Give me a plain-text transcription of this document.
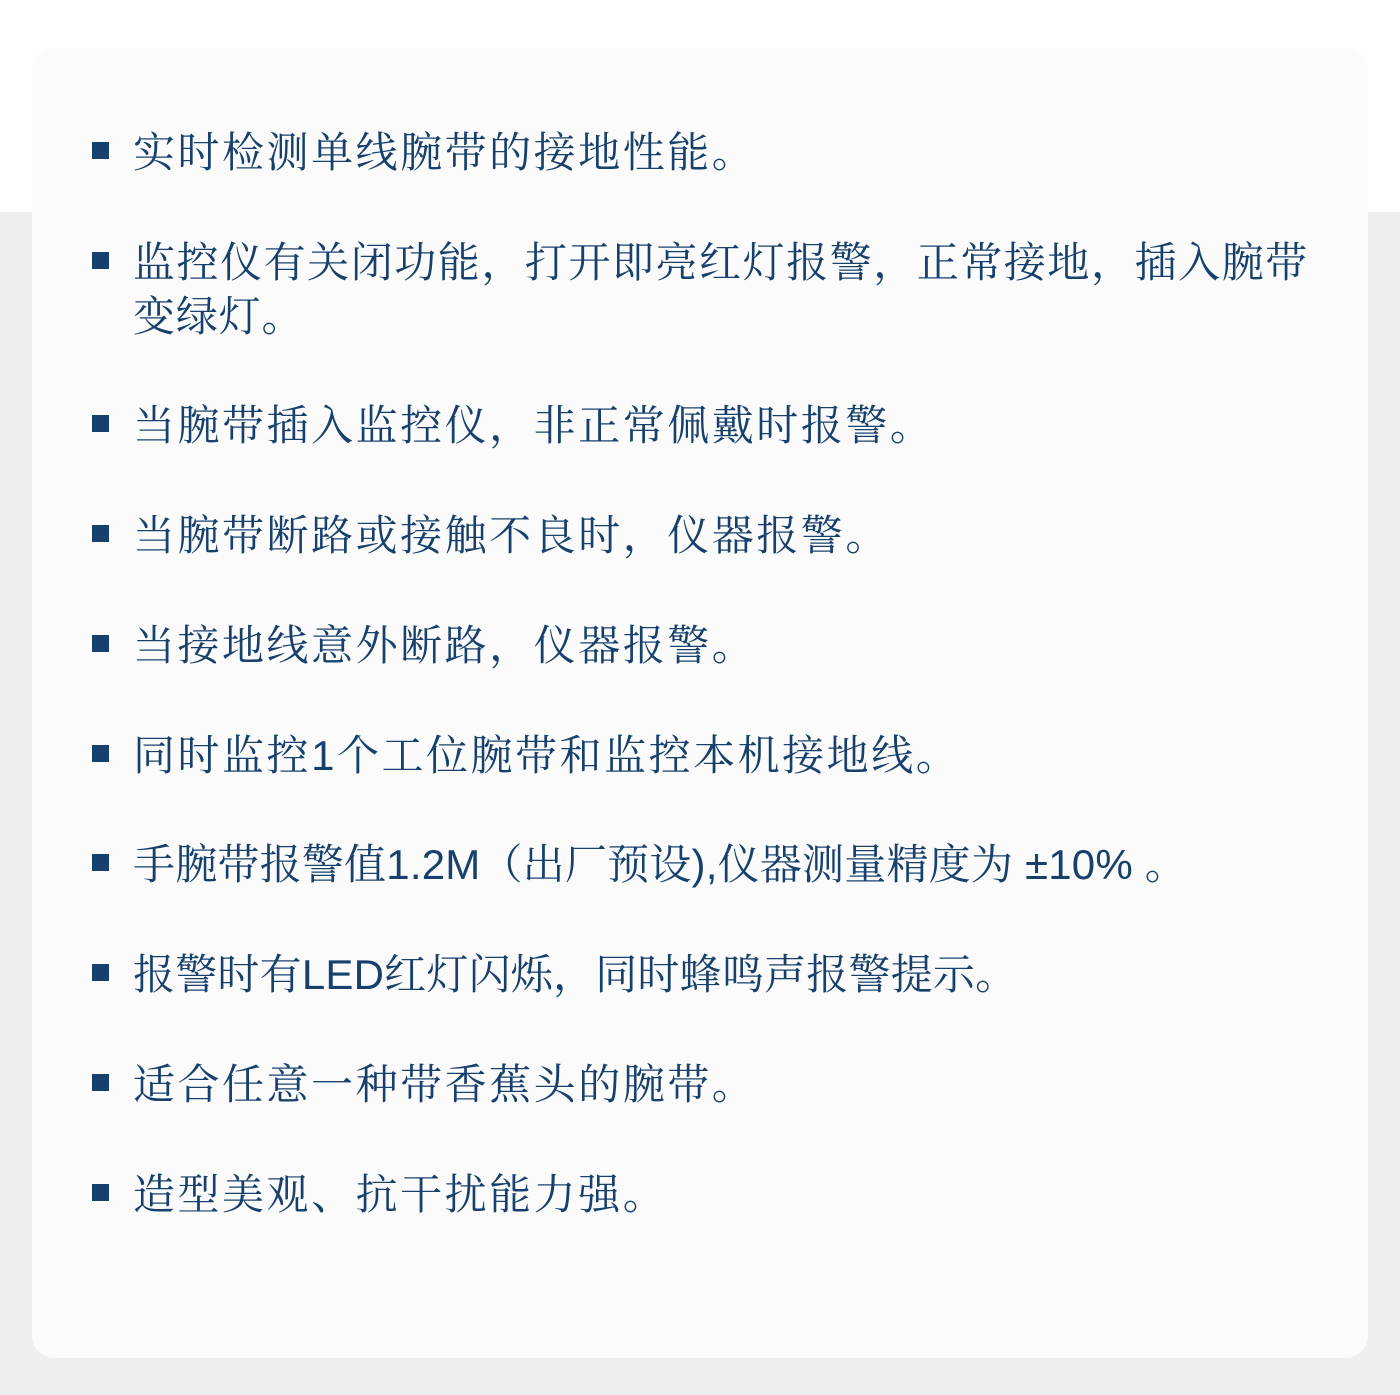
实时检测单线腕带的接地性能。
监控仪有关闭功能，打开即亮红灯报警，正常接地，插入腕带变绿灯。
当腕带插入监控仪，非正常佩戴时报警。
当腕带断路或接触不良时，仪器报警。
当接地线意外断路，仪器报警。
同时监控1个工位腕带和监控本机接地线。
手腕带报警值1.2M（出厂预设),仪器测量精度为 ±10% 。
报警时有LED红灯闪烁，同时蜂鸣声报警提示。
适合任意一种带香蕉头的腕带。
造型美观、抗干扰能力强。
